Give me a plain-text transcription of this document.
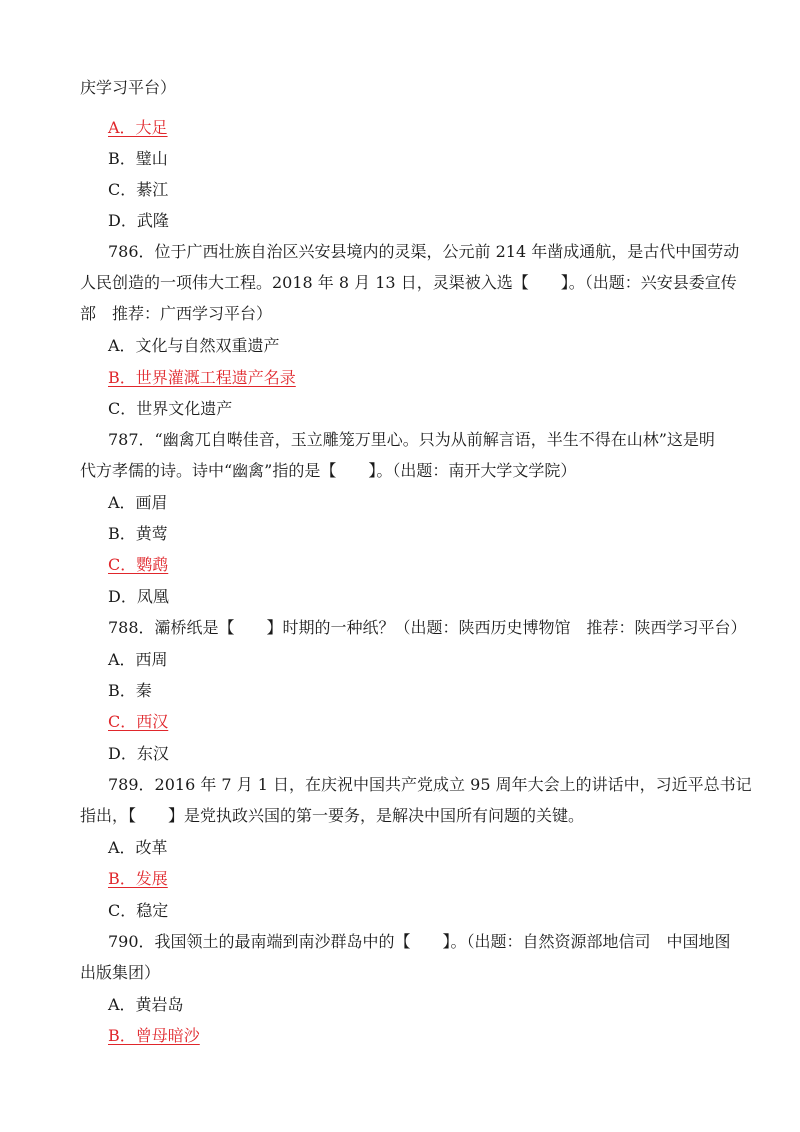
庆学习平台）
A．大足
B．璧山
C．綦江
D．武隆
786．位于广西壮族自治区兴安县境内的灵渠，公元前 214 年凿成通航，是古代中国劳动
人民创造的一项伟大工程。2018 年 8 月 13 日，灵渠被入选【　　】。（出题：兴安县委宣传
部　推荐：广西学习平台）
A．文化与自然双重遗产
B．世界灌溉工程遗产名录
C．世界文化遗产
787．“幽禽兀自啭佳音，玉立雕笼万里心。只为从前解言语，半生不得在山林”这是明
代方孝儒的诗。诗中“幽禽”指的是【　　】。（出题：南开大学文学院）
A．画眉
B．黄莺
C．鹦鹉
D．凤凰
788．灞桥纸是【　　】时期的一种纸？（出题：陕西历史博物馆　推荐：陕西学习平台）
A．西周
B．秦
C．西汉
D．东汉
789．2016 年 7 月 1 日，在庆祝中国共产党成立 95 周年大会上的讲话中，习近平总书记
指出，【　　】是党执政兴国的第一要务，是解决中国所有问题的关键。
A．改革
B．发展
C．稳定
790．我国领土的最南端到南沙群岛中的【　　】。（出题：自然资源部地信司　中国地图
出版集团）
A．黄岩岛
B．曾母暗沙
